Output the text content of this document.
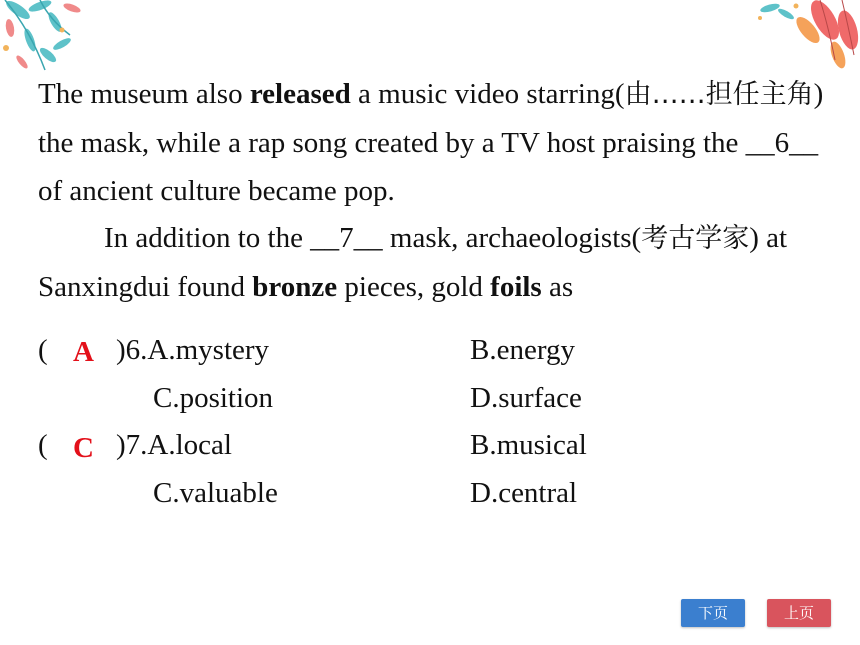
The museum also released a music video starring(由……担任主角) the mask, while a rap song created by a TV host praising the __6__ of ancient culture became pop.

In addition to the __7__ mask, archaeologists(考古学家) at Sanxingdui found bronze pieces, gold foils as

( A )6.A.mystery	B.energy
C.position	D.surface
( C )7.A.local	B.musical
C.valuable	D.central
下页	上页
